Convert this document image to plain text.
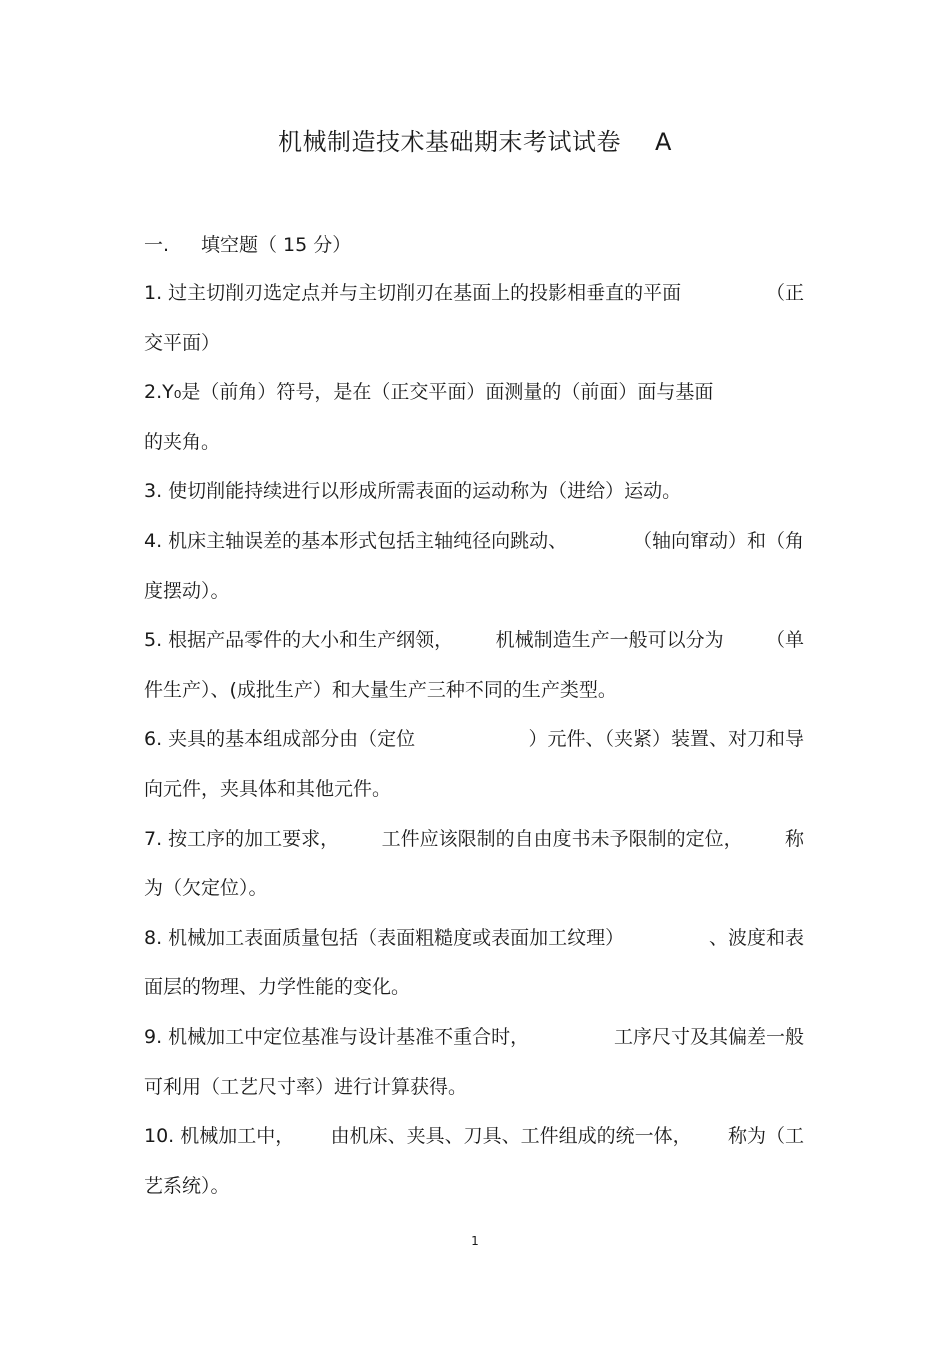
机械制造技术基础期末考试试卷 A
一. 填空题（ 15 分）
1. 过主切削刃选定点并与主切削刃在基面上的投影相垂直的平面	（正
交平面）
2.Y₀是（前角）符号，是在（正交平面）面测量的（前面）面与基面
的夹角。
3. 使切削能持续进行以形成所需表面的运动称为（进给）运动。
4. 机床主轴误差的基本形式包括主轴纯径向跳动、	（轴向窜动）和（角
度摆动）。
5. 根据产品零件的大小和生产纲领， 机械制造生产一般可以分为 （单
件生产）、(成批生产）和大量生产三种不同的生产类型。
6. 夹具的基本组成部分由（定位	）元件、（夹紧）装置、对刀和导
向元件，夹具体和其他元件。
7. 按工序的加工要求， 工件应该限制的自由度书未予限制的定位， 称
为（欠定位）。
8. 机械加工表面质量包括（表面粗糙度或表面加工纹理）	、波度和表
面层的物理、力学性能的变化。
9. 机械加工中定位基准与设计基准不重合时，	工序尺寸及其偏差一般
可利用（工艺尺寸率）进行计算获得。
10. 机械加工中， 由机床、夹具、刀具、工件组成的统一体， 称为（工
艺系统）。
1
